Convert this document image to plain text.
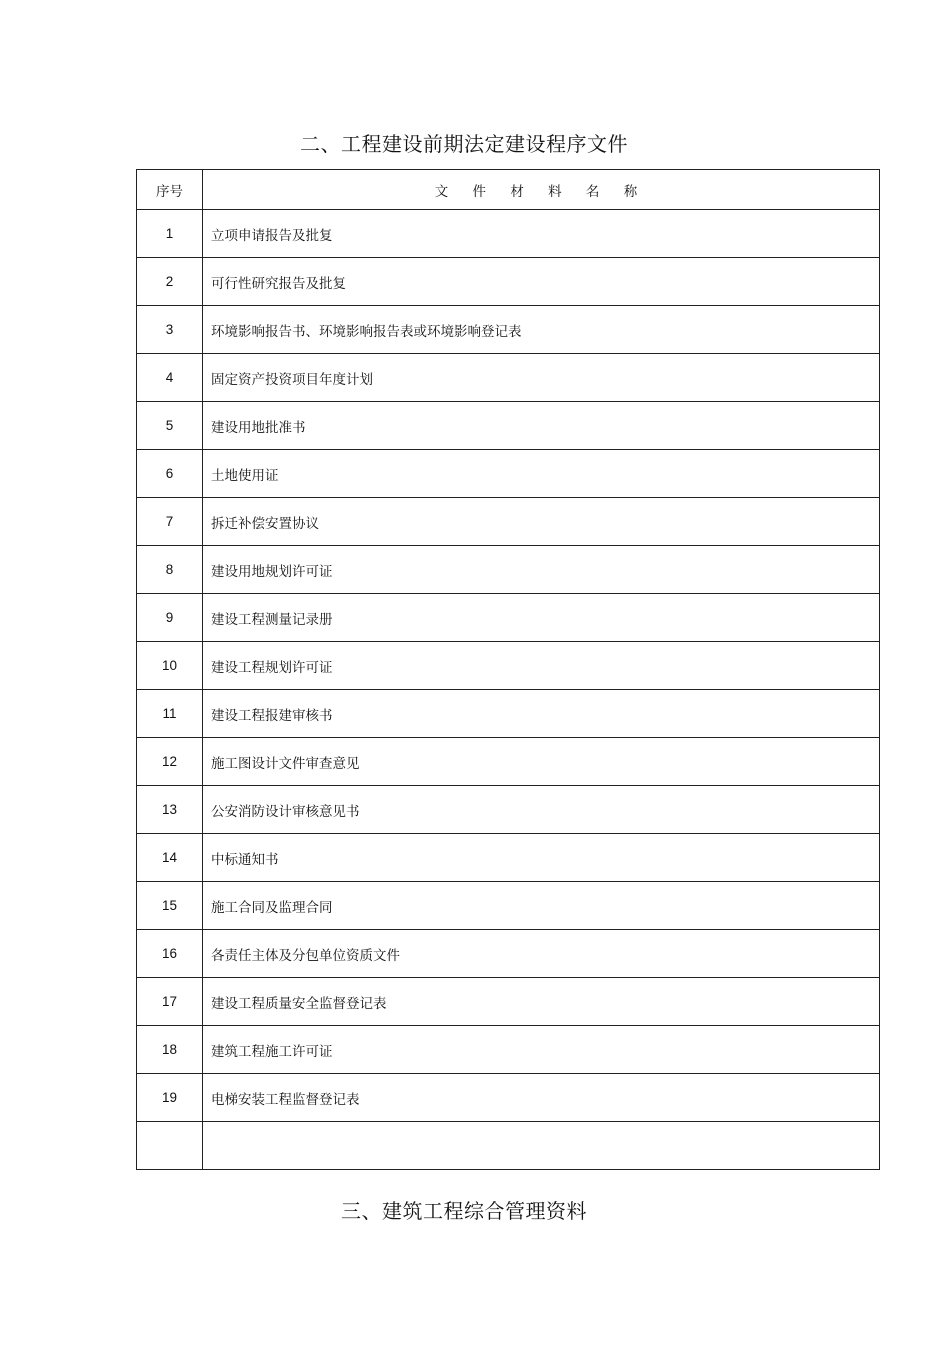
二、工程建设前期法定建设程序文件
序号	文 件 材 料 名 称
1	立项申请报告及批复
2	可行性研究报告及批复
3	环境影响报告书、环境影响报告表或环境影响登记表
4	固定资产投资项目年度计划
5	建设用地批准书
6	土地使用证
7	拆迁补偿安置协议
8	建设用地规划许可证
9	建设工程测量记录册
10	建设工程规划许可证
11	建设工程报建审核书
12	施工图设计文件审查意见
13	公安消防设计审核意见书
14	中标通知书
15	施工合同及监理合同
16	各责任主体及分包单位资质文件
17	建设工程质量安全监督登记表
18	建筑工程施工许可证
19	电梯安装工程监督登记表

三、建筑工程综合管理资料
